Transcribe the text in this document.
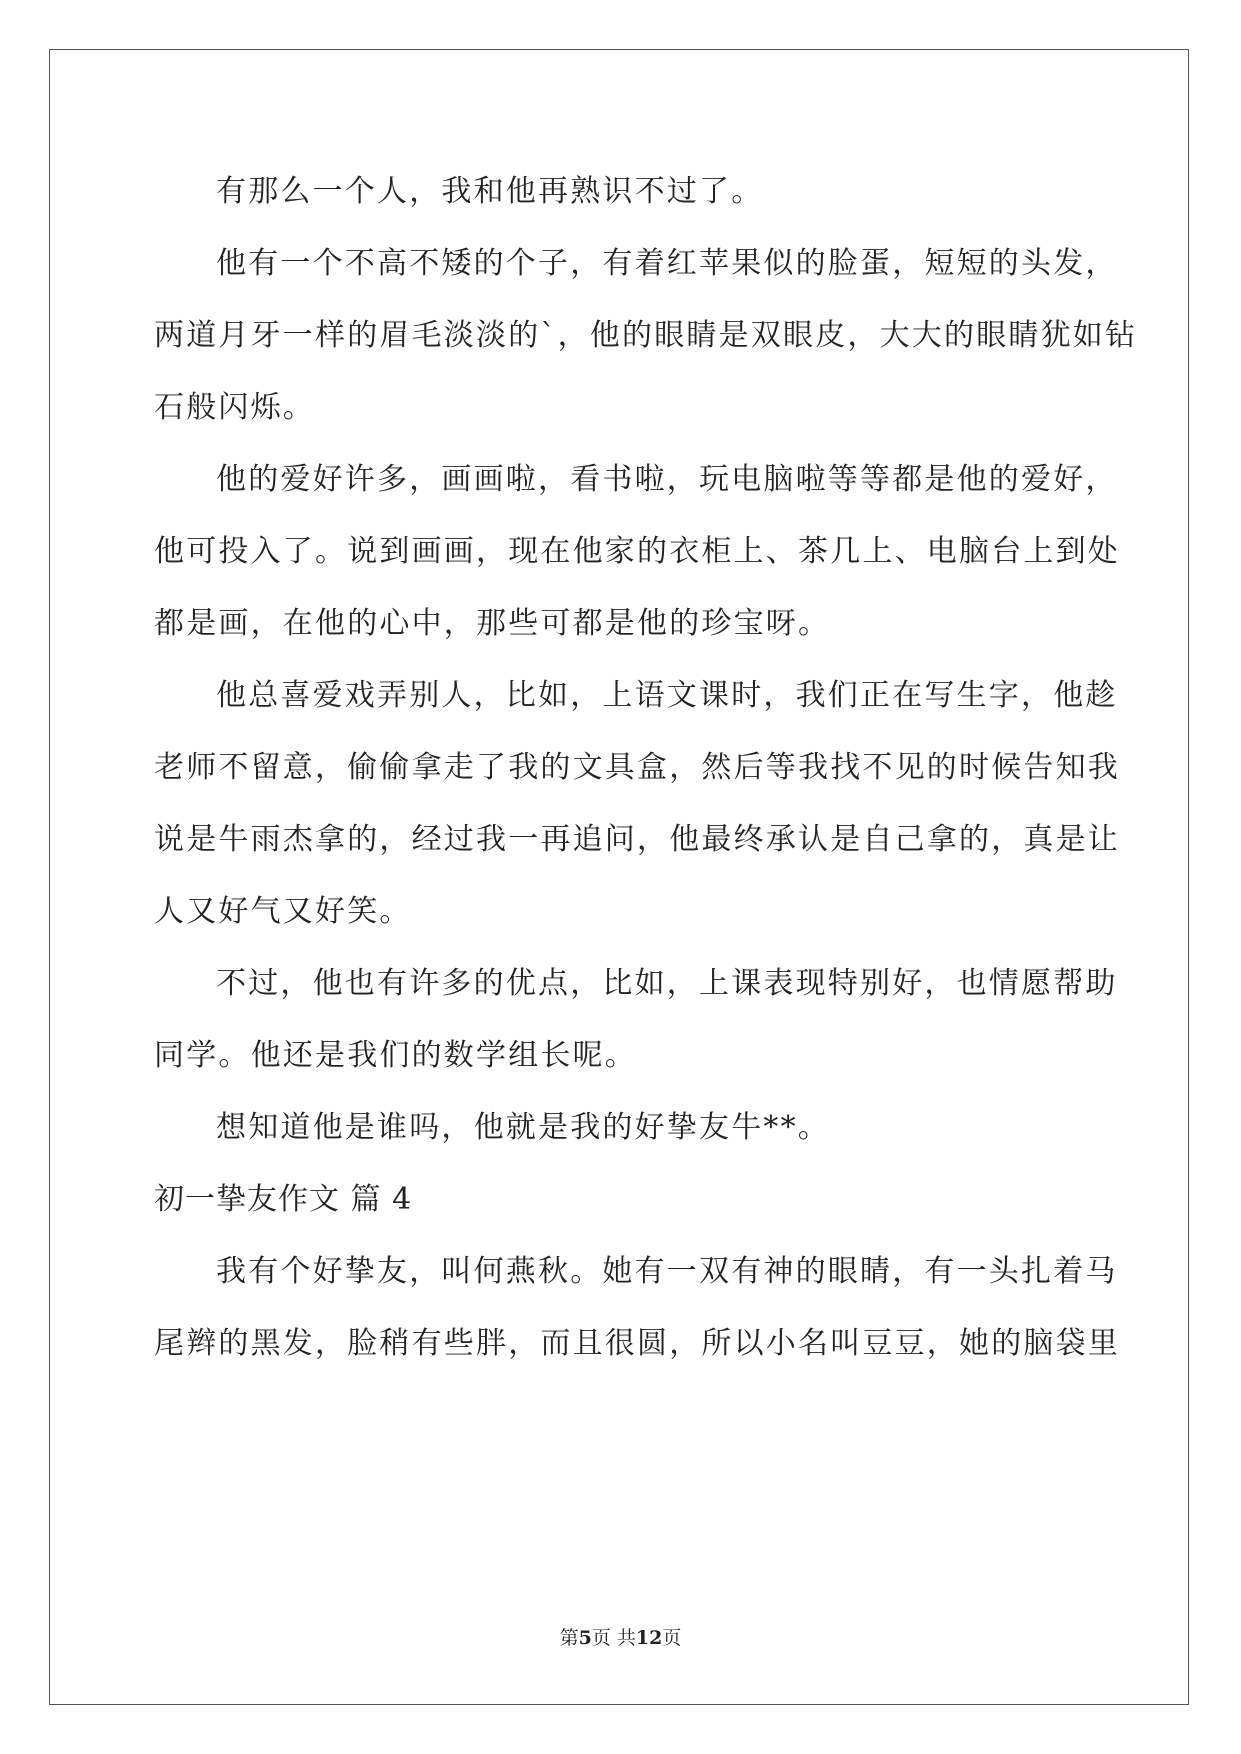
有那么一个人，我和他再熟识不过了。
他有一个不高不矮的个子，有着红苹果似的脸蛋，短短的头发，
两道月牙一样的眉毛淡淡的`，他的眼睛是双眼皮，大大的眼睛犹如钻
石般闪烁。
他的爱好许多，画画啦，看书啦，玩电脑啦等等都是他的爱好，
他可投入了。说到画画，现在他家的衣柜上、茶几上、电脑台上到处
都是画，在他的心中，那些可都是他的珍宝呀。
他总喜爱戏弄别人，比如，上语文课时，我们正在写生字，他趁
老师不留意，偷偷拿走了我的文具盒，然后等我找不见的时候告知我
说是牛雨杰拿的，经过我一再追问，他最终承认是自己拿的，真是让
人又好气又好笑。
不过，他也有许多的优点，比如，上课表现特别好，也情愿帮助
同学。他还是我们的数学组长呢。
想知道他是谁吗，他就是我的好挚友牛**。
初一挚友作文 篇 4
我有个好挚友，叫何燕秋。她有一双有神的眼睛，有一头扎着马
尾辫的黑发，脸稍有些胖，而且很圆，所以小名叫豆豆，她的脑袋里
第5页 共12页
